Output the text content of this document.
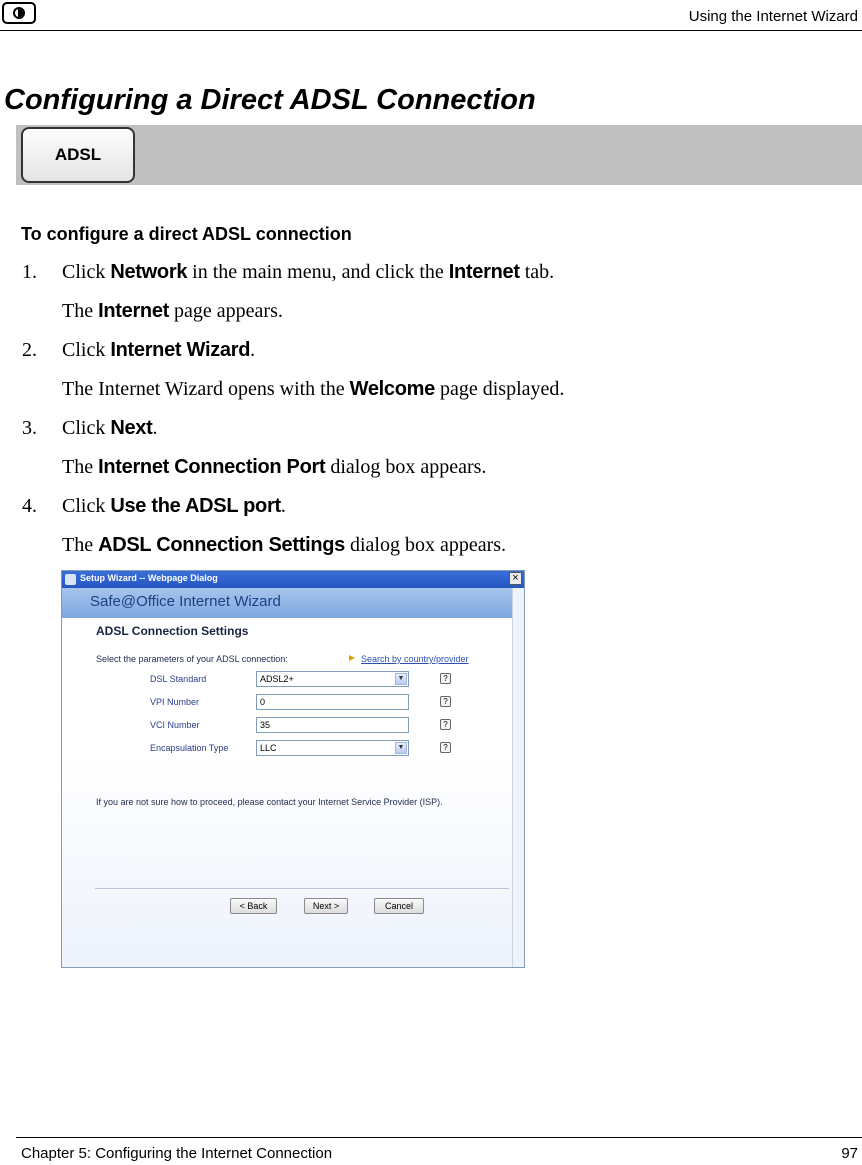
Using the Internet Wizard
Configuring a Direct ADSL Connection
ADSL
To configure a direct ADSL connection
1. Click Network in the main menu, and click the Internet tab.
The Internet page appears.
2. Click Internet Wizard.
The Internet Wizard opens with the Welcome page displayed.
3. Click Next.
The Internet Connection Port dialog box appears.
4. Click Use the ADSL port.
The ADSL Connection Settings dialog box appears.
Setup Wizard -- Webpage Dialog	×
Safe@Office Internet Wizard
ADSL Connection Settings
Select the parameters of your ADSL connection:	Search by country/provider
DSL Standard	ADSL2+	▼	?
VPI Number	0	?
VCI Number	35	?
Encapsulation Type	LLC	▼	?
If you are not sure how to proceed, please contact your Internet Service Provider (ISP).
< Back	Next >	Cancel
Chapter 5: Configuring the Internet Connection	97
